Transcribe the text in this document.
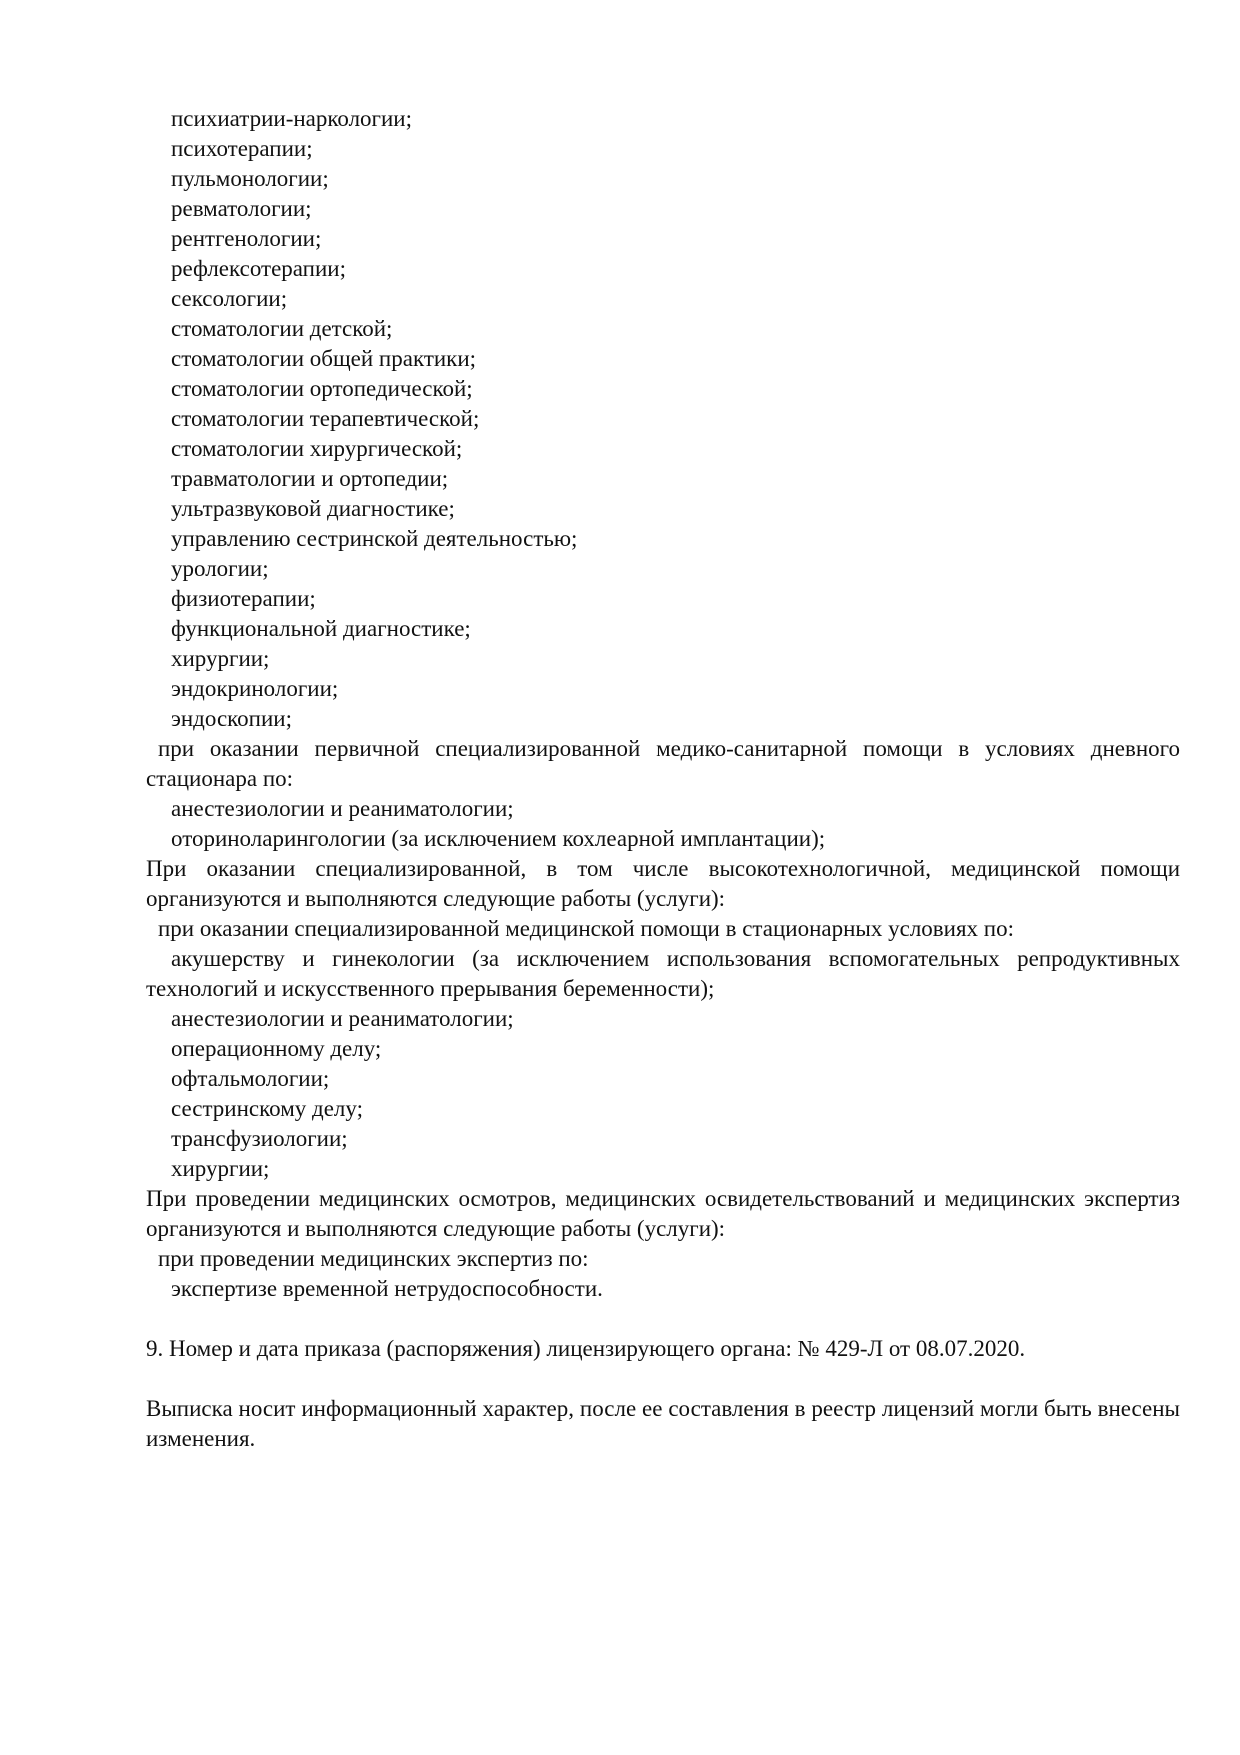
психиатрии-наркологии;
психотерапии;
пульмонологии;
ревматологии;
рентгенологии;
рефлексотерапии;
сексологии;
стоматологии детской;
стоматологии общей практики;
стоматологии ортопедической;
стоматологии терапевтической;
стоматологии хирургической;
травматологии и ортопедии;
ультразвуковой диагностике;
управлению сестринской деятельностью;
урологии;
физиотерапии;
функциональной диагностике;
хирургии;
эндокринологии;
эндоскопии;
при оказании первичной специализированной медико-санитарной помощи в условиях дневного стационара по:
анестезиологии и реаниматологии;
оториноларингологии (за исключением кохлеарной имплантации);
При оказании специализированной, в том числе высокотехнологичной, медицинской помощи организуются и выполняются следующие работы (услуги):
при оказании специализированной медицинской помощи в стационарных условиях по:
акушерству и гинекологии (за исключением использования вспомогательных репродуктивных технологий и искусственного прерывания беременности);
анестезиологии и реаниматологии;
операционному делу;
офтальмологии;
сестринскому делу;
трансфузиологии;
хирургии;
При проведении медицинских осмотров, медицинских освидетельствований и медицинских экспертиз организуются и выполняются следующие работы (услуги):
при проведении медицинских экспертиз по:
экспертизе временной нетрудоспособности.
9. Номер и дата приказа (распоряжения) лицензирующего органа: № 429-Л от 08.07.2020.
Выписка носит информационный характер, после ее составления в реестр лицензий могли быть внесены изменения.
